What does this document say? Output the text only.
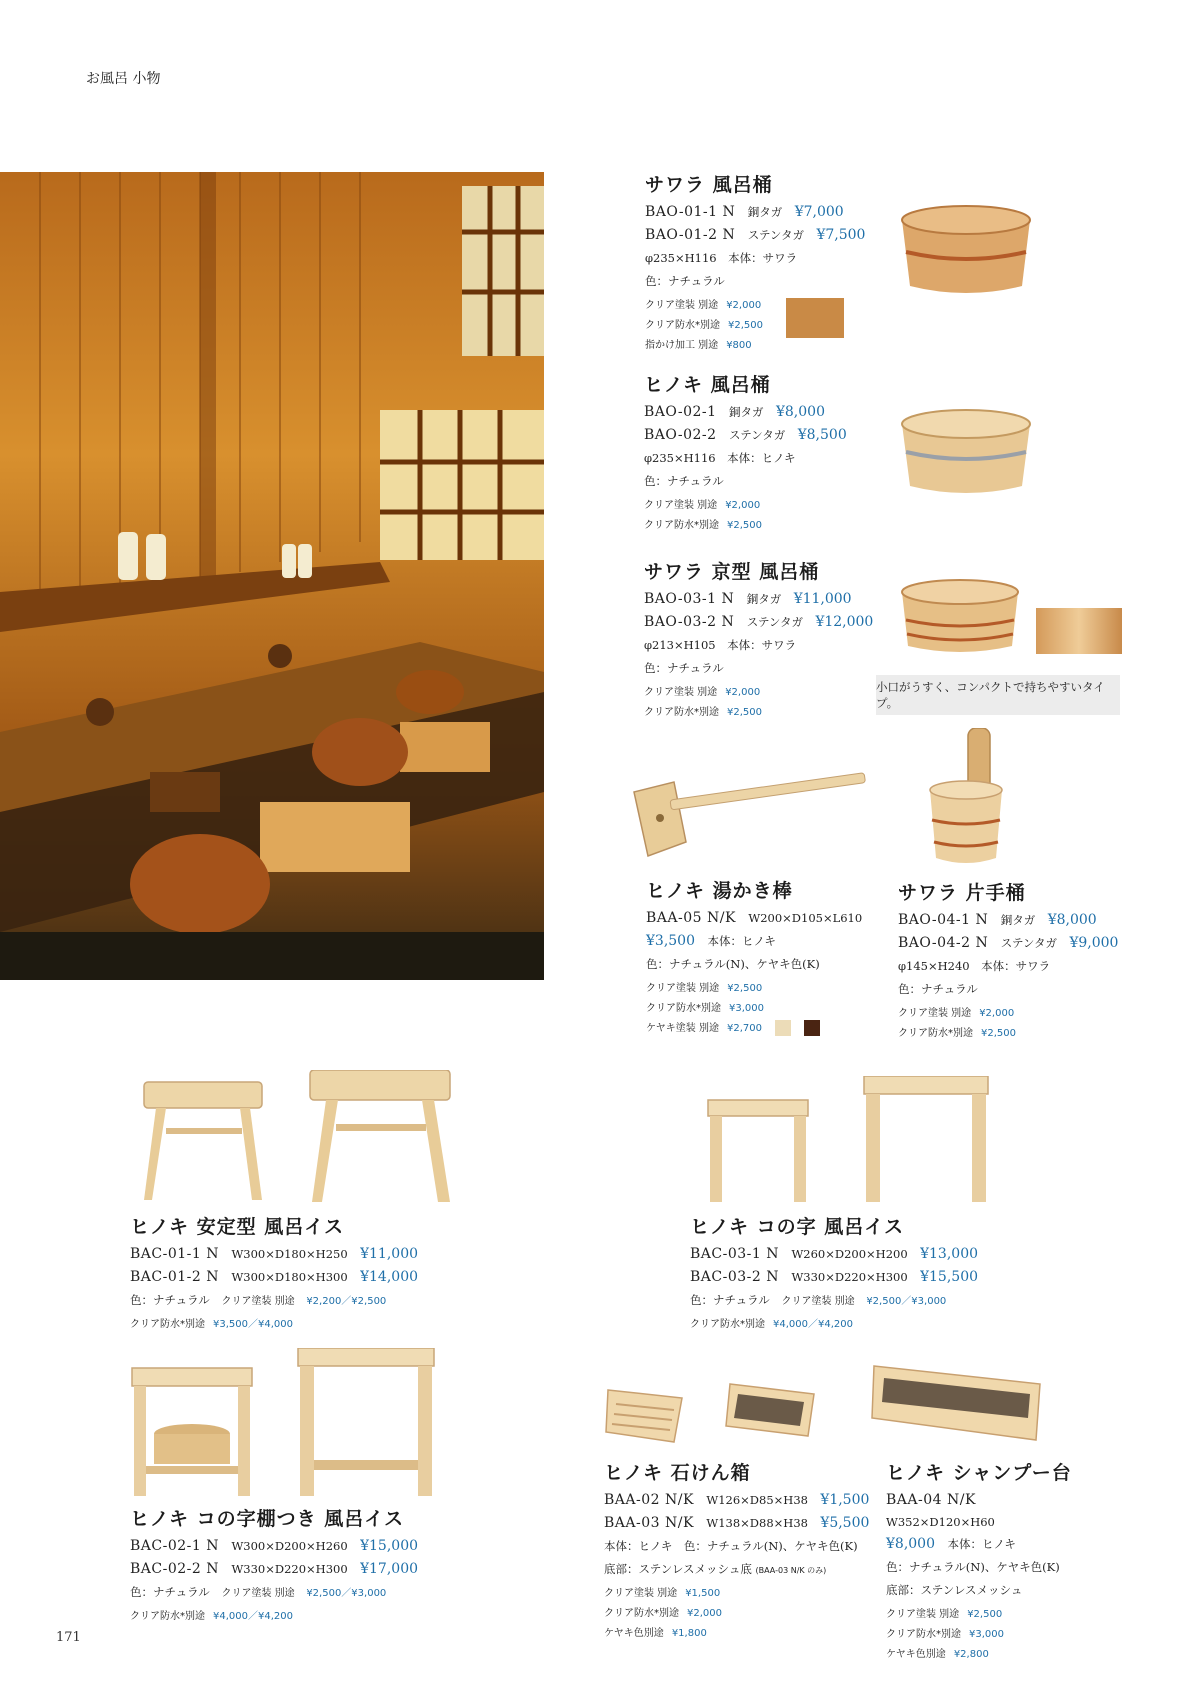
お風呂 小物
サワラ 風呂桶
BAO-01-1 N 銅タガ ¥7,000
BAO-01-2 N ステンタガ ¥7,500
φ235×H116　本体：サワラ
色：ナチュラル
クリア塗装 別途 ¥2,000
クリア防水*別途 ¥2,500
指かけ加工 別途 ¥800
ヒノキ 風呂桶
BAO-02-1 銅タガ ¥8,000
BAO-02-2 ステンタガ ¥8,500
φ235×H116　本体：ヒノキ
色：ナチュラル
クリア塗装 別途 ¥2,000
クリア防水*別途 ¥2,500
サワラ 京型 風呂桶
BAO-03-1 N 銅タガ ¥11,000
BAO-03-2 N ステンタガ ¥12,000
φ213×H105　本体：サワラ
色：ナチュラル
クリア塗装 別途 ¥2,000
クリア防水*別途 ¥2,500
小口がうすく、コンパクトで持ちやすいタイプ。
ヒノキ 湯かき棒
BAA-05 N/K W200×D105×L610
¥3,500 本体：ヒノキ
色：ナチュラル(N)、ケヤキ色(K)
クリア塗装 別途 ¥2,500
クリア防水*別途 ¥3,000
ケヤキ塗装 別途 ¥2,700
サワラ 片手桶
BAO-04-1 N 銅タガ ¥8,000
BAO-04-2 N ステンタガ ¥9,000
φ145×H240　本体：サワラ
色：ナチュラル
クリア塗装 別途 ¥2,000
クリア防水*別途 ¥2,500
ヒノキ 安定型 風呂イス
BAC-01-1 N W300×D180×H250 ¥11,000
BAC-01-2 N W300×D180×H300 ¥14,000
色：ナチュラル クリア塗装 別途 ¥2,200／¥2,500
クリア防水*別途 ¥3,500／¥4,000
ヒノキ コの字 風呂イス
BAC-03-1 N W260×D200×H200 ¥13,000
BAC-03-2 N W330×D220×H300 ¥15,500
色：ナチュラル クリア塗装 別途 ¥2,500／¥3,000
クリア防水*別途 ¥4,000／¥4,200
ヒノキ コの字棚つき 風呂イス
BAC-02-1 N W300×D200×H260 ¥15,000
BAC-02-2 N W330×D220×H300 ¥17,000
色：ナチュラル クリア塗装 別途 ¥2,500／¥3,000
クリア防水*別途 ¥4,000／¥4,200
ヒノキ 石けん箱
BAA-02 N/K W126×D85×H38 ¥1,500
BAA-03 N/K W138×D88×H38 ¥5,500
本体：ヒノキ　色：ナチュラル(N)、ケヤキ色(K)
底部：ステンレスメッシュ底 (BAA-03 N/K のみ)
クリア塗装 別途 ¥1,500
クリア防水*別途 ¥2,000
ケヤキ色別途 ¥1,800
ヒノキ シャンプー台
BAA-04 N/K
W352×D120×H60
¥8,000 本体：ヒノキ
色：ナチュラル(N)、ケヤキ色(K)
底部：ステンレスメッシュ
クリア塗装 別途 ¥2,500
クリア防水*別途 ¥3,000
ケヤキ色別途 ¥2,800
171
